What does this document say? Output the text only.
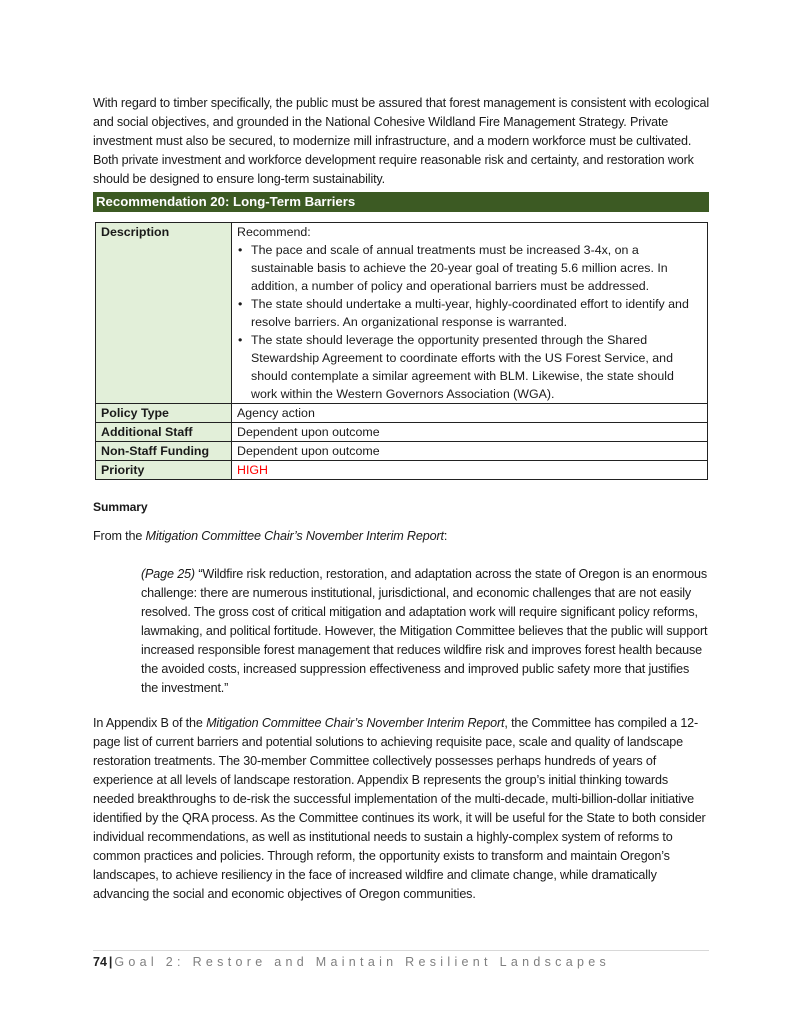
With regard to timber specifically, the public must be assured that forest management is consistent with ecological and social objectives, and grounded in the National Cohesive Wildland Fire Management Strategy. Private investment must also be secured, to modernize mill infrastructure, and a modern workforce must be cultivated. Both private investment and workforce development require reasonable risk and certainty, and restoration work should be designed to ensure long-term sustainability.

Recommendation 20: Long-Term Barriers
Description	Recommend:
• The pace and scale of annual treatments must be increased 3-4x, on a sustainable basis to achieve the 20-year goal of treating 5.6 million acres. In addition, a number of policy and operational barriers must be addressed.
• The state should undertake a multi-year, highly-coordinated effort to identify and resolve barriers. An organizational response is warranted.
• The state should leverage the opportunity presented through the Shared Stewardship Agreement to coordinate efforts with the US Forest Service, and should contemplate a similar agreement with BLM. Likewise, the state should work within the Western Governors Association (WGA).

Policy Type	Agency action
Additional Staff	Dependent upon outcome
Non-Staff Funding	Dependent upon outcome
Priority	HIGH

Summary

From the Mitigation Committee Chair’s November Interim Report:

(Page 25) “Wildfire risk reduction, restoration, and adaptation across the state of Oregon is an enormous challenge: there are numerous institutional, jurisdictional, and economic challenges that are not easily resolved. The gross cost of critical mitigation and adaptation work will require significant policy reforms, lawmaking, and political fortitude. However, the Mitigation Committee believes that the public will support increased responsible forest management that reduces wildfire risk and improves forest health because the avoided costs, increased suppression effectiveness and improved public safety more that justifies the investment.”

In Appendix B of the Mitigation Committee Chair’s November Interim Report, the Committee has compiled a 12-page list of current barriers and potential solutions to achieving requisite pace, scale and quality of landscape restoration treatments. The 30-member Committee collectively possesses perhaps hundreds of years of experience at all levels of landscape restoration. Appendix B represents the group’s initial thinking towards needed breakthroughs to de-risk the successful implementation of the multi-decade, multi-billion-dollar initiative identified by the QRA process. As the Committee continues its work, it will be useful for the State to both consider individual recommendations, as well as institutional needs to sustain a highly-complex system of reforms to common practices and policies. Through reform, the opportunity exists to transform and maintain Oregon’s landscapes, to achieve resiliency in the face of increased wildfire and climate change, while dramatically advancing the social and economic objectives of Oregon communities.

74 | Goal 2: Restore and Maintain Resilient Landscapes
